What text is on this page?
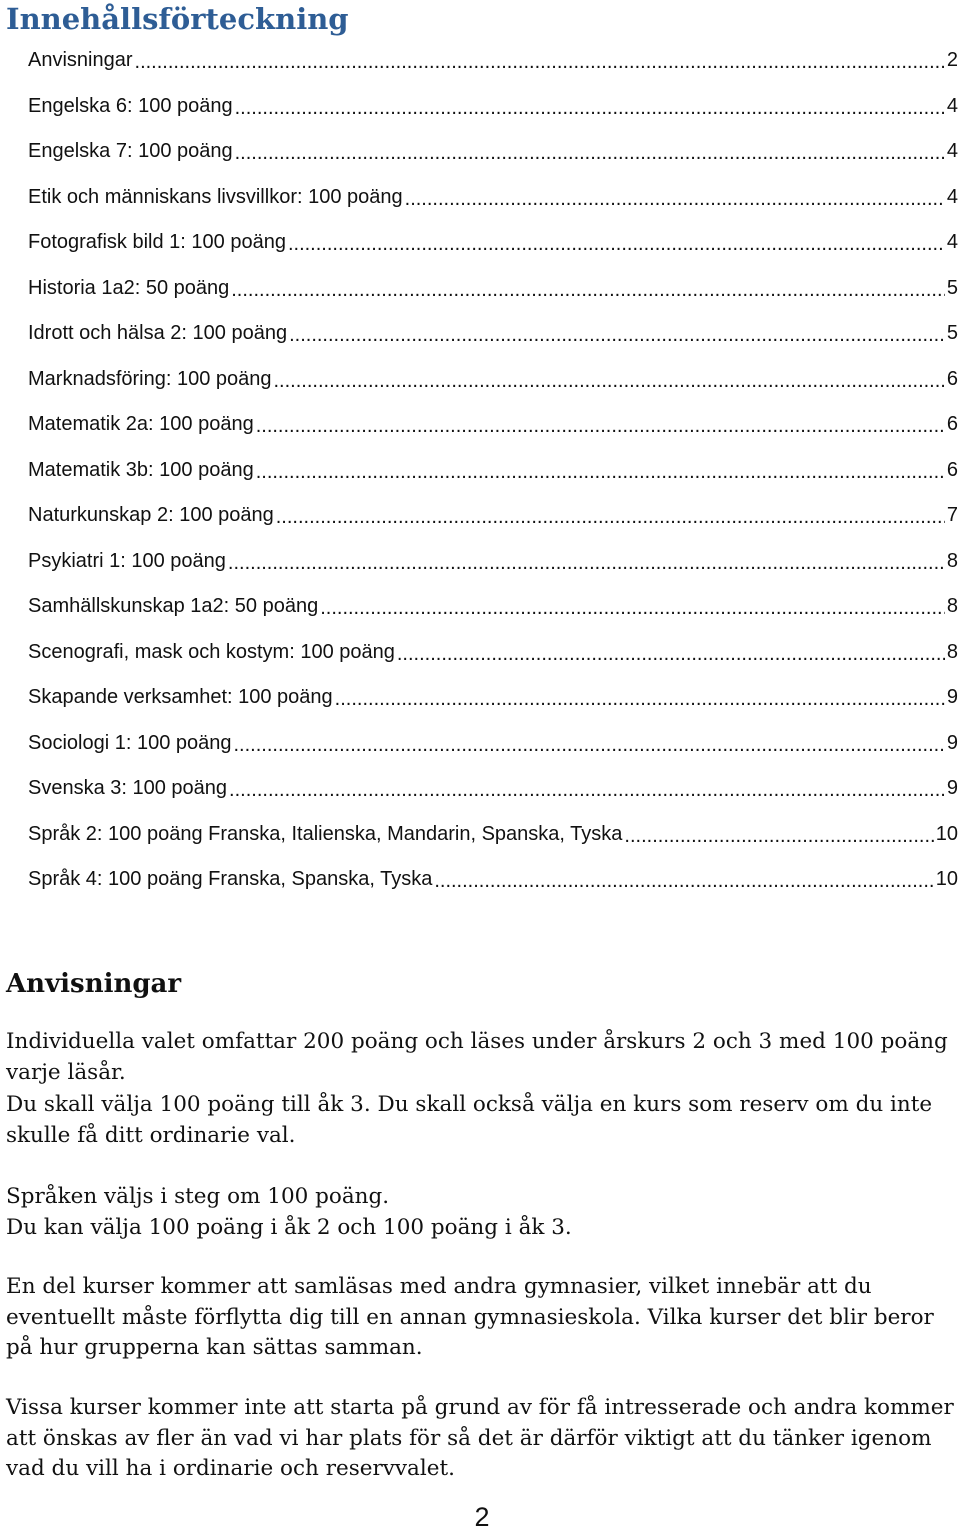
Innehållsförteckning
Anvisningar .....	2
Engelska 6: 100 poäng .....	4
Engelska 7: 100 poäng .....	4
Etik och människans livsvillkor: 100 poäng .....	4
Fotografisk bild 1: 100 poäng .....	4
Historia 1a2: 50 poäng .....	5
Idrott och hälsa 2: 100 poäng .....	5
Marknadsföring: 100 poäng .....	6
Matematik 2a: 100 poäng .....	6
Matematik 3b: 100 poäng .....	6
Naturkunskap 2: 100 poäng .....	7
Psykiatri 1: 100 poäng .....	8
Samhällskunskap 1a2: 50 poäng .....	8
Scenografi, mask och kostym: 100 poäng .....	8
Skapande verksamhet: 100 poäng .....	9
Sociologi 1: 100 poäng .....	9
Svenska 3: 100 poäng .....	9
Språk 2: 100 poäng Franska, Italienska, Mandarin, Spanska, Tyska .....	10
Språk 4: 100 poäng Franska, Spanska, Tyska .....	10
Anvisningar

Individuella valet omfattar 200 poäng och läses under årskurs 2 och 3 med 100 poäng varje läsår.

Du skall välja 100 poäng till åk 3. Du skall också välja en kurs som reserv om du inte skulle få ditt ordinarie val.

Språken väljs i steg om 100 poäng.

Du kan välja 100 poäng i åk 2 och 100 poäng i åk 3.

En del kurser kommer att samläsas med andra gymnasier, vilket innebär att du eventuellt måste förflytta dig till en annan gymnasieskola. Vilka kurser det blir beror på hur grupperna kan sättas samman.

Vissa kurser kommer inte att starta på grund av för få intresserade och andra kommer att önskas av fler än vad vi har plats för så det är därför viktigt att du tänker igenom vad du vill ha i ordinarie och reservvalet.

2
